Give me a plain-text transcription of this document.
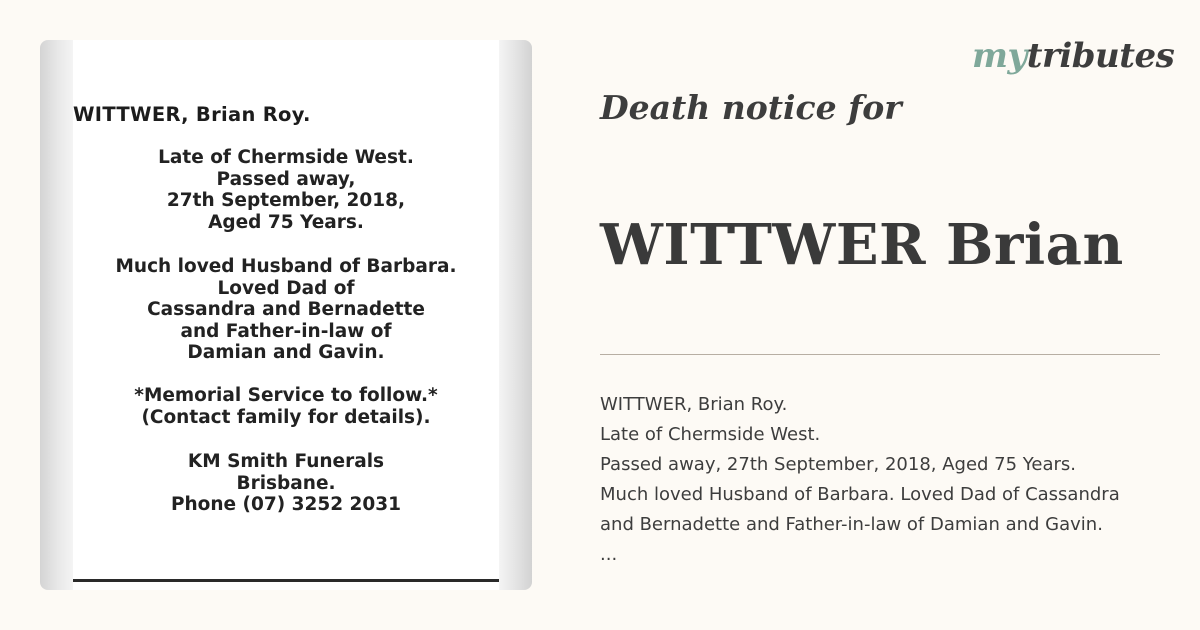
WITTWER, Brian Roy.

Late of Chermside West.
Passed away,
27th September, 2018,
Aged 75 Years.

Much loved Husband of Barbara.
Loved Dad of
Cassandra and Bernadette
and Father-in-law of
Damian and Gavin.

*Memorial Service to follow.*
(Contact family for details).

KM Smith Funerals
Brisbane.
Phone (07) 3252 2031

mytributes
Death notice for
WITTWER Brian

WITTWER, Brian Roy.
Late of Chermside West.
Passed away, 27th September, 2018, Aged 75 Years.
Much loved Husband of Barbara. Loved Dad of Cassandra
and Bernadette and Father-in-law of Damian and Gavin.
...
